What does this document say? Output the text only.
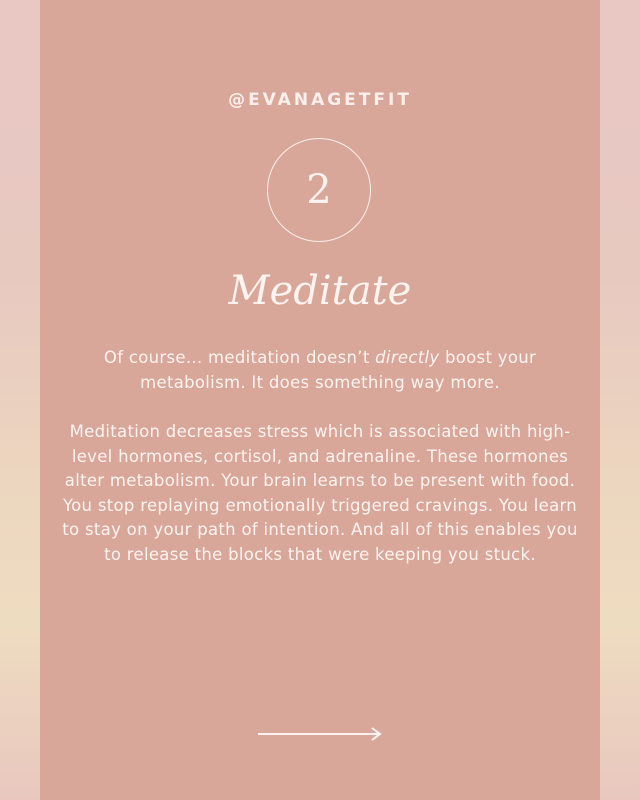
@EVANAGETFIT
2
Meditate

Of course... meditation doesn’t directly boost your metabolism. It does something way more.

Meditation decreases stress which is associated with high-level hormones, cortisol, and adrenaline. These hormones alter metabolism. Your brain learns to be present with food. You stop replaying emotionally triggered cravings. You learn to stay on your path of intention. And all of this enables you to release the blocks that were keeping you stuck.
